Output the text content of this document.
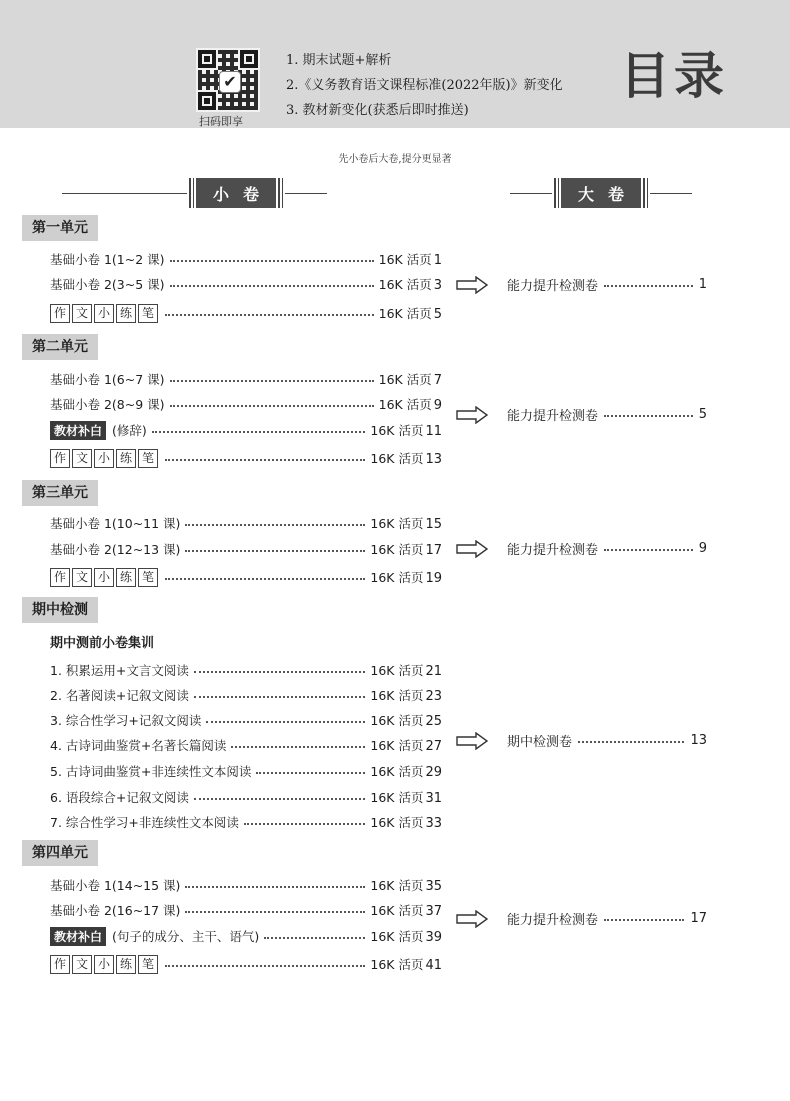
✔
扫码即享
1. 期末试题+解析
2.《义务教育语文课程标准(2022年版)》新变化
3. 教材新变化(获悉后即时推送)
目录
先小卷后大卷,提分更显著
小卷	大卷
第一单元
第二单元
第三单元
期中检测
第四单元
期中测前小卷集训
基础小卷 1(1~2 课)	16K 活页 1
基础小卷 2(3~5 课)	16K 活页 3
作 文 小 练 笔	16K 活页 5
基础小卷 1(6~7 课)	16K 活页 7
基础小卷 2(8~9 课)	16K 活页 9
教材补白 (修辞)	16K 活页 11
作 文 小 练 笔	16K 活页 13
基础小卷 1(10~11 课)	16K 活页 15
基础小卷 2(12~13 课)	16K 活页 17
作 文 小 练 笔	16K 活页 19
1. 积累运用+文言文阅读	16K 活页 21
2. 名著阅读+记叙文阅读	16K 活页 23
3. 综合性学习+记叙文阅读	16K 活页 25
4. 古诗词曲鉴赏+名著长篇阅读	16K 活页 27
5. 古诗词曲鉴赏+非连续性文本阅读	16K 活页 29
6. 语段综合+记叙文阅读	16K 活页 31
7. 综合性学习+非连续性文本阅读	16K 活页 33
基础小卷 1(14~15 课)	16K 活页 35
基础小卷 2(16~17 课)	16K 活页 37
教材补白 (句子的成分、主干、语气)	16K 活页 39
作 文 小 练 笔	16K 活页 41
能力提升检测卷	1
能力提升检测卷	5
能力提升检测卷	9
期中检测卷	13
能力提升检测卷	17
